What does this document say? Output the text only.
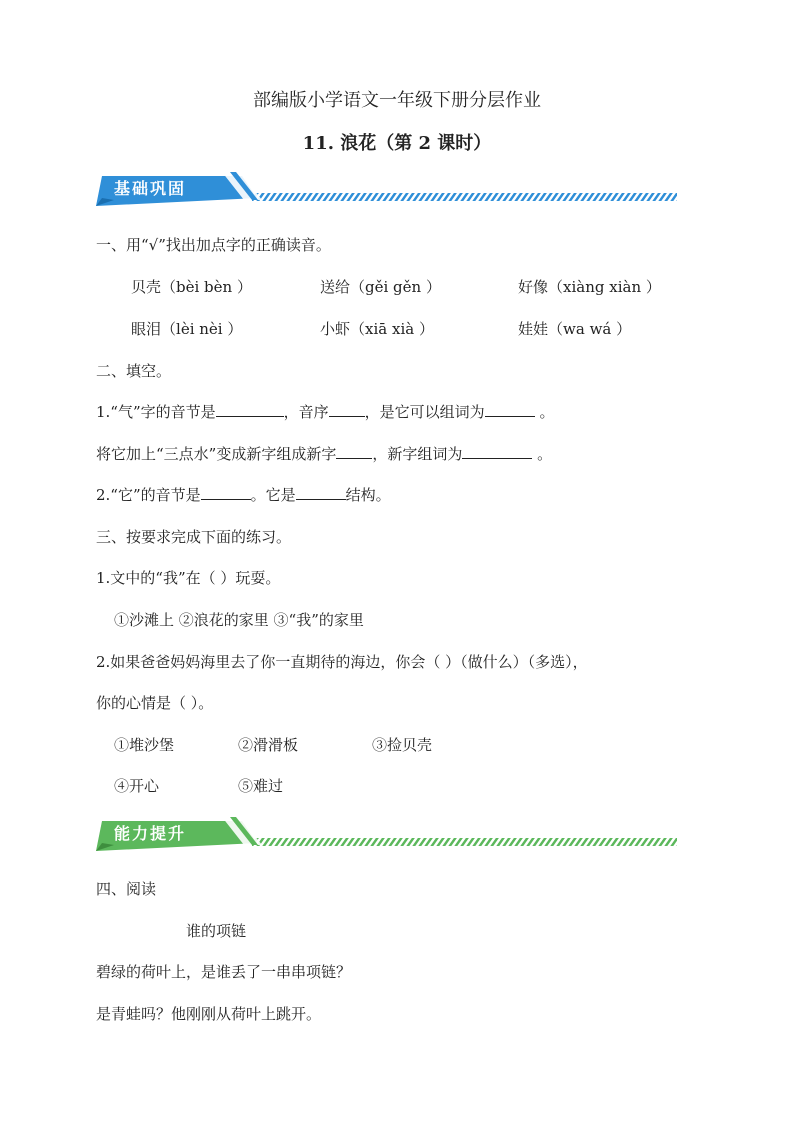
部编版小学语文一年级下册分层作业
11. 浪花（第 2 课时）
基础巩固
一、用“√”找出加点字的正确读音。
贝壳（bèi bèn ）	送给（gěi gěn ）	好像（xiàng xiàn ）
眼泪（lèi nèi ）	小虾（xiā xià ）	娃娃（wa wá ）
二、填空。
1.“气”字的音节是	，音序 ，是它可以组词为	。
将它加上“三点水”变成新字组成新字 ，新字组词为	。
2.“它”的音节是	。它是	结构。
三、按要求完成下面的练习。
1.文中的“我”在（ ）玩耍。
①沙滩上 ②浪花的家里 ③“我”的家里
2.如果爸爸妈妈海里去了你一直期待的海边，你会（ ）（做什么）（多选），
你的心情是（ ）。
①堆沙堡	②滑滑板	③捡贝壳
④开心	⑤难过
能力提升
四、阅读
谁的项链
碧绿的荷叶上，是谁丢了一串串项链？
是青蛙吗？他刚刚从荷叶上跳开。
